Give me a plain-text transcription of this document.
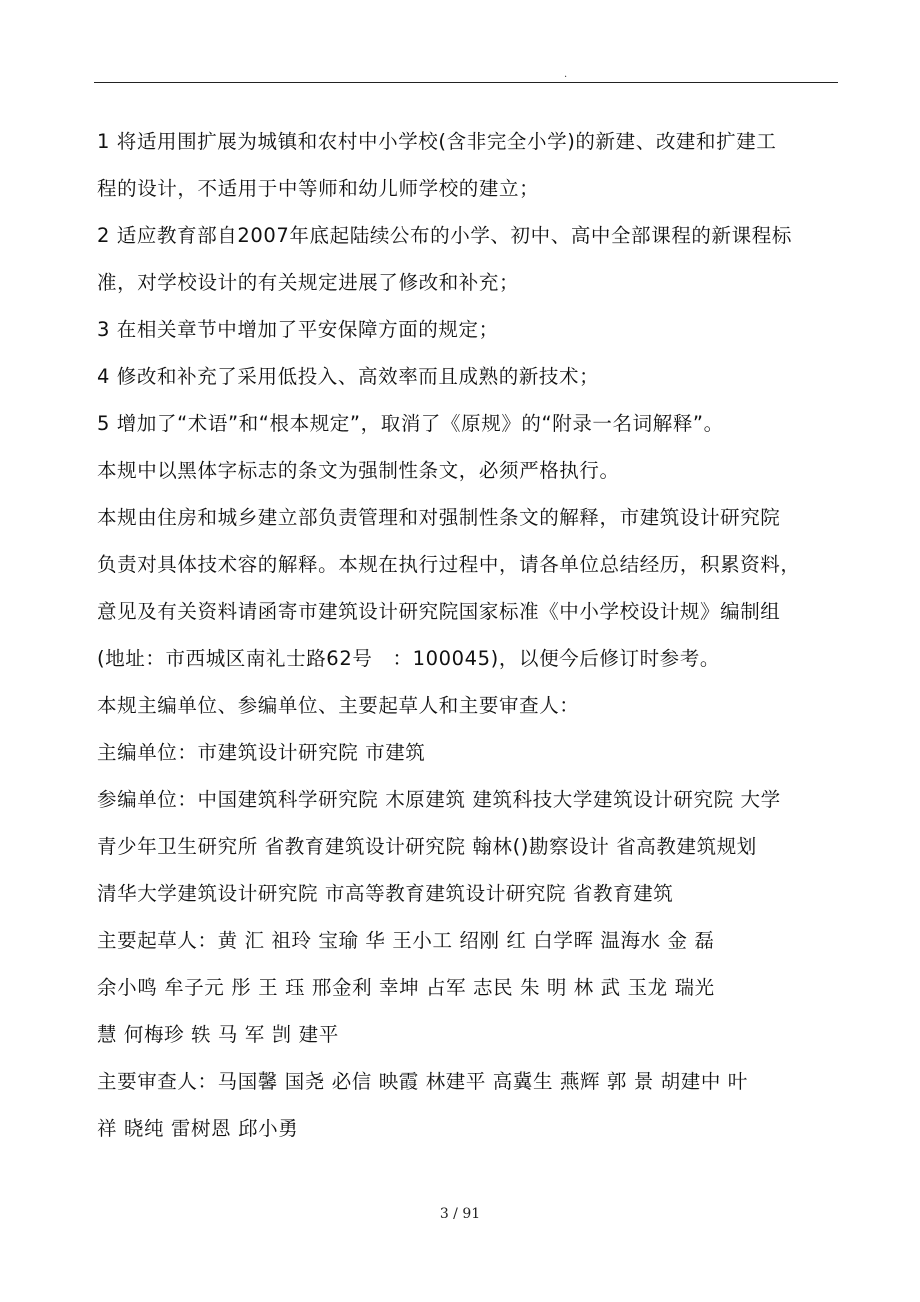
.
1 将适用围扩展为城镇和农村中小学校(含非完全小学)的新建、改建和扩建工
程的设计，不适用于中等师和幼儿师学校的建立；
2 适应教育部自2007年底起陆续公布的小学、初中、高中全部课程的新课程标
准，对学校设计的有关规定进展了修改和补充；
3 在相关章节中增加了平安保障方面的规定；
4 修改和补充了采用低投入、高效率而且成熟的新技术；
5 增加了“术语”和“根本规定”，取消了《原规》的“附录一名词解释”。
本规中以黑体字标志的条文为强制性条文，必须严格执行。
本规由住房和城乡建立部负责管理和对强制性条文的解释，市建筑设计研究院
负责对具体技术容的解释。本规在执行过程中，请各单位总结经历，积累资料，
意见及有关资料请函寄市建筑设计研究院国家标准《中小学校设计规》编制组
(地址：市西城区南礼士路62号　：100045)，以便今后修订时参考。
本规主编单位、参编单位、主要起草人和主要审查人：
主编单位：市建筑设计研究院 市建筑
参编单位：中国建筑科学研究院 木原建筑 建筑科技大学建筑设计研究院 大学
青少年卫生研究所 省教育建筑设计研究院 翰林()勘察设计 省高教建筑规划
清华大学建筑设计研究院 市高等教育建筑设计研究院 省教育建筑
主要起草人：黄 汇 祖玲 宝瑜 华 王小工 绍刚 红 白学晖 温海水 金 磊
余小鸣 牟子元 彤 王 珏 邢金利 幸坤 占军 志民 朱 明 林 武 玉龙 瑞光
慧 何梅珍 轶 马 军 剀 建平
主要审查人：马国馨 国尧 必信 映霞 林建平 高冀生 燕辉 郭 景 胡建中 叶
祥 晓纯 雷树恩 邱小勇
3 / 91
